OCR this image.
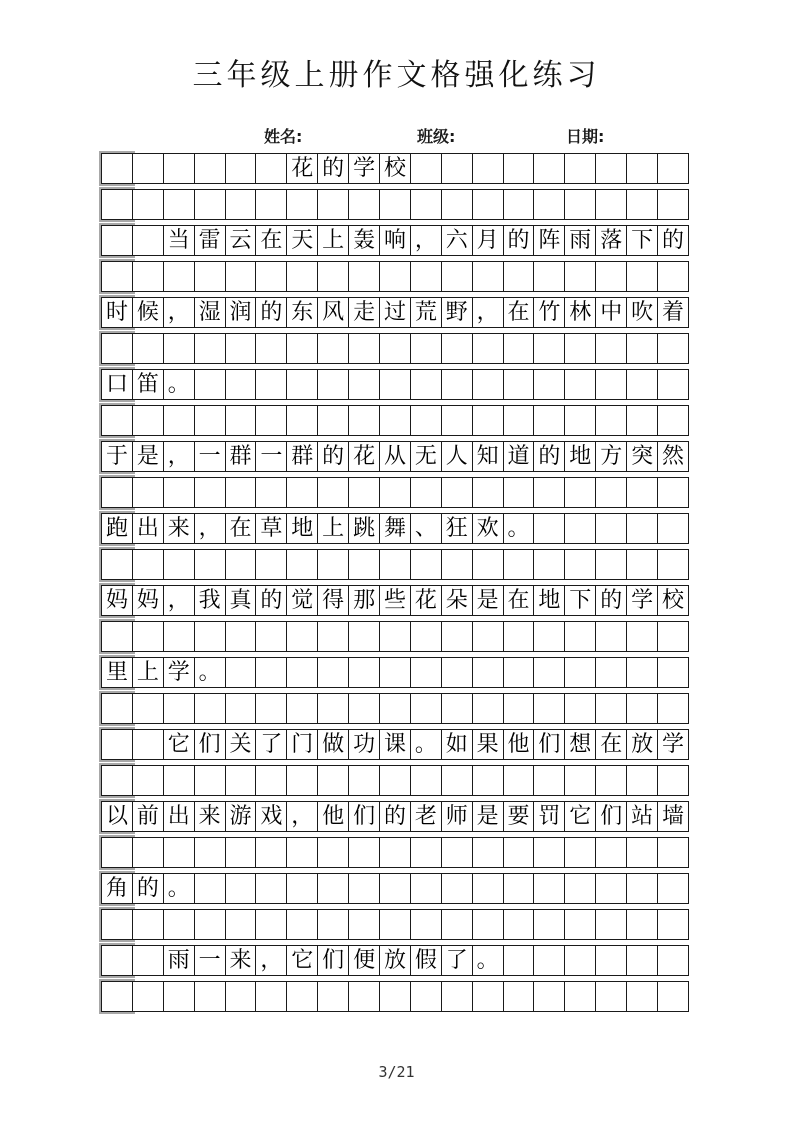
三年级上册作文格强化练习
姓名:	班级:	日期:
花 的 学 校
当 雷 云 在 天 上 轰 响 ， 六 月 的 阵 雨 落 下 的
时 候 ， 湿 润 的 东 风 走 过 荒 野 ， 在 竹 林 中 吹 着
口 笛 。
于 是 ， 一 群 一 群 的 花 从 无 人 知 道 的 地 方 突 然
跑 出 来 ， 在 草 地 上 跳 舞 、 狂 欢 。
妈 妈 ， 我 真 的 觉 得 那 些 花 朵 是 在 地 下 的 学 校
里 上 学 。
它 们 关 了 门 做 功 课 。 如 果 他 们 想 在 放 学
以 前 出 来 游 戏 ， 他 们 的 老 师 是 要 罚 它 们 站 墙
角 的 。
雨 一 来 ， 它 们 便 放 假 了 。
3/21
